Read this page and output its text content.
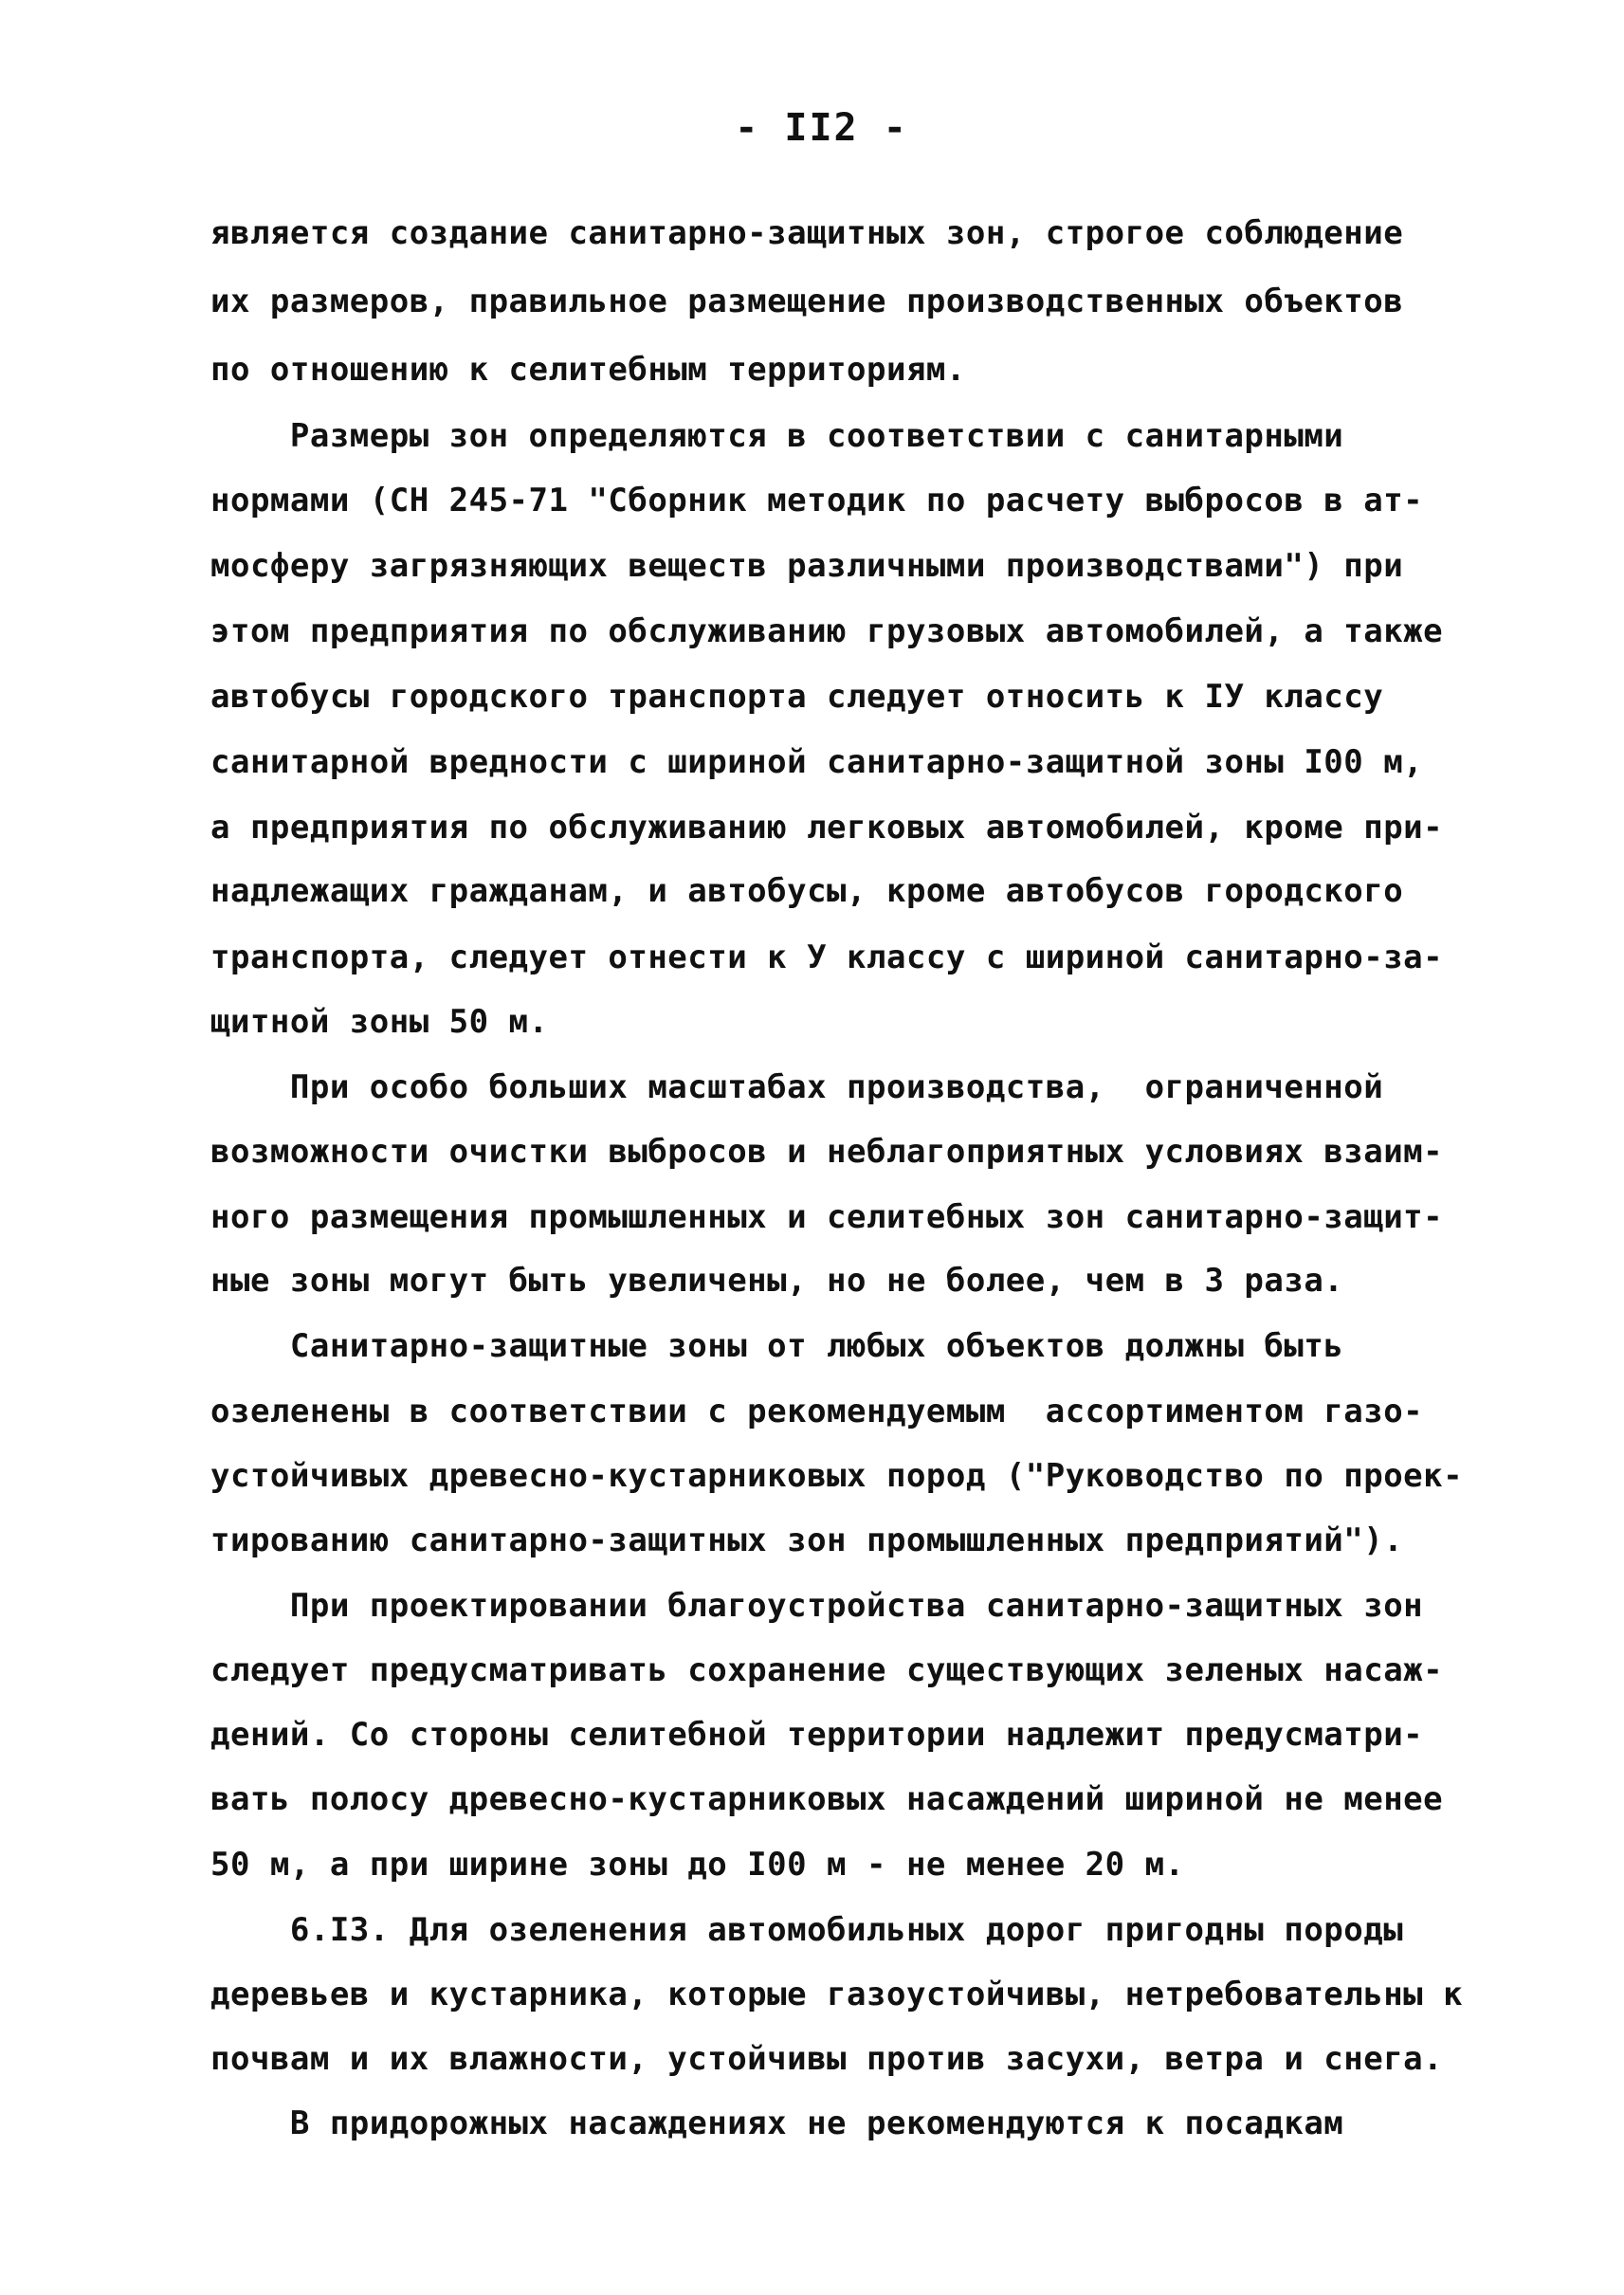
- II2 -
является создание санитарно-защитных зон, строгое соблюдение
их размеров, правильное размещение производственных объектов
по отношению к селитебным территориям.
Размеры зон определяются в соответствии с санитарными
нормами (СН 245-71 "Сборник методик по расчету выбросов в ат-
мосферу загрязняющих веществ различными производствами") при
этом предприятия по обслуживанию грузовых автомобилей, а также
автобусы городского транспорта следует относить к IУ классу
санитарной вредности с шириной санитарно-защитной зоны I00 м,
а предприятия по обслуживанию легковых автомобилей, кроме при-
надлежащих гражданам, и автобусы, кроме автобусов городского
транспорта, следует отнести к У классу с шириной санитарно-за-
щитной зоны 50 м.
При особо больших масштабах производства,  ограниченной
возможности очистки выбросов и неблагоприятных условиях взаим-
ного размещения промышленных и селитебных зон санитарно-защит-
ные зоны могут быть увеличены, но не более, чем в 3 раза.
Санитарно-защитные зоны от любых объектов должны быть
озеленены в соответствии с рекомендуемым  ассортиментом газо-
устойчивых древесно-кустарниковых пород ("Руководство по проек-
тированию санитарно-защитных зон промышленных предприятий").
При проектировании благоустройства санитарно-защитных зон
следует предусматривать сохранение существующих зеленых насаж-
дений. Со стороны селитебной территории надлежит предусматри-
вать полосу древесно-кустарниковых насаждений шириной не менее
50 м, а при ширине зоны до I00 м - не менее 20 м.
6.I3. Для озеленения автомобильных дорог пригодны породы
деревьев и кустарника, которые газоустойчивы, нетребовательны к
почвам и их влажности, устойчивы против засухи, ветра и снега.
В придорожных насаждениях не рекомендуются к посадкам
